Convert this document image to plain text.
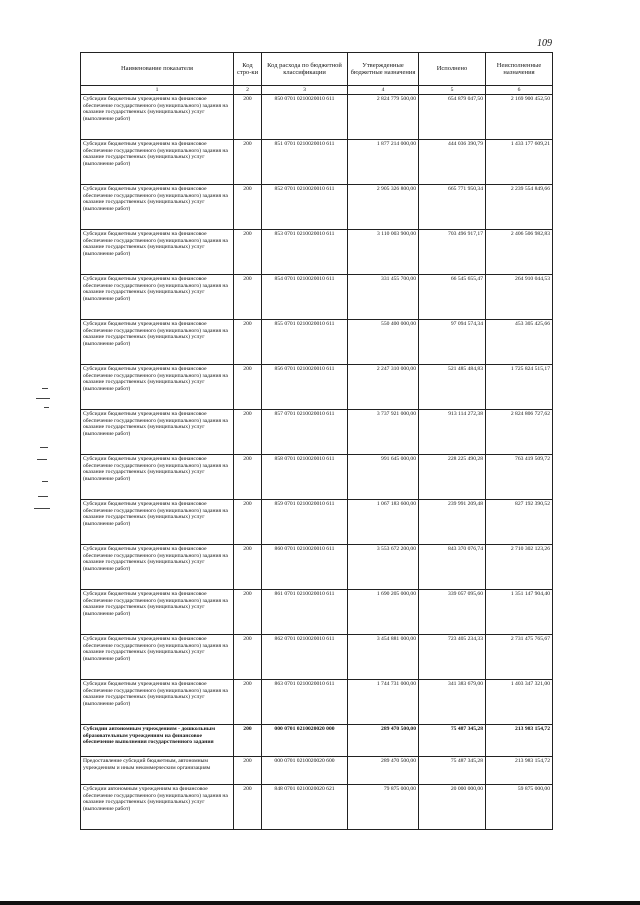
109
Наименование показателя	Код стро-ки	Код расхода по бюджетной классификации	Утвержденные бюджетные назначения	Исполнено	Неисполненные назначения
1	2	3	4	5	6
Субсидии бюджетным учреждениям на финансовое обеспечение государственного (муниципального) задания на оказание государственных (муниципальных) услуг (выполнение работ)	200	850 0701 0210020010 611	2 824 779 500,00	654 879 047,50	2 169 900 452,50
Субсидии бюджетным учреждениям на финансовое обеспечение государственного (муниципального) задания на оказание государственных (муниципальных) услуг (выполнение работ)	200	851 0701 0210020010 611	1 877 214 000,00	444 036 390,79	1 433 177 609,21
Субсидии бюджетным учреждениям на финансовое обеспечение государственного (муниципального) задания на оказание государственных (муниципальных) услуг (выполнение работ)	200	852 0701 0210020010 611	2 905 326 800,00	665 771 950,34	2 239 554 849,66
Субсидии бюджетным учреждениям на финансовое обеспечение государственного (муниципального) задания на оказание государственных (муниципальных) услуг (выполнение работ)	200	853 0701 0210020010 611	3 110 003 900,00	703 496 917,17	2 406 506 982,83
Субсидии бюджетным учреждениям на финансовое обеспечение государственного (муниципального) задания на оказание государственных (муниципальных) услуг (выполнение работ)	200	854 0701 0210020010 611	331 455 700,00	66 545 655,47	264 910 044,53
Субсидии бюджетным учреждениям на финансовое обеспечение государственного (муниципального) задания на оказание государственных (муниципальных) услуг (выполнение работ)	200	855 0701 0210020010 611	550 400 000,00	97 094 574,34	453 305 425,66
Субсидии бюджетным учреждениям на финансовое обеспечение государственного (муниципального) задания на оказание государственных (муниципальных) услуг (выполнение работ)	200	856 0701 0210020010 611	2 247 310 000,00	521 485 484,83	1 725 824 515,17
Субсидии бюджетным учреждениям на финансовое обеспечение государственного (муниципального) задания на оказание государственных (муниципальных) услуг (выполнение работ)	200	857 0701 0210020010 611	3 737 921 000,00	913 114 272,38	2 824 806 727,62
Субсидии бюджетным учреждениям на финансовое обеспечение государственного (муниципального) задания на оказание государственных (муниципальных) услуг (выполнение работ)	200	858 0701 0210020010 611	991 645 000,00	228 225 490,28	763 419 509,72
Субсидии бюджетным учреждениям на финансовое обеспечение государственного (муниципального) задания на оказание государственных (муниципальных) услуг (выполнение работ)	200	859 0701 0210020010 611	1 067 183 600,00	239 991 209,48	827 192 390,52
Субсидии бюджетным учреждениям на финансовое обеспечение государственного (муниципального) задания на оказание государственных (муниципальных) услуг (выполнение работ)	200	860 0701 0210020010 611	3 553 672 200,00	843 370 076,74	2 710 302 123,26
Субсидии бюджетным учреждениям на финансовое обеспечение государственного (муниципального) задания на оказание государственных (муниципальных) услуг (выполнение работ)	200	861 0701 0210020010 611	1 690 205 000,00	339 057 095,60	1 351 147 904,40
Субсидии бюджетным учреждениям на финансовое обеспечение государственного (муниципального) задания на оказание государственных (муниципальных) услуг (выполнение работ)	200	862 0701 0210020010 611	3 454 881 000,00	723 405 234,33	2 731 475 765,67
Субсидии бюджетным учреждениям на финансовое обеспечение государственного (муниципального) задания на оказание государственных (муниципальных) услуг (выполнение работ)	200	863 0701 0210020010 611	1 744 731 000,00	341 383 679,00	1 403 347 321,00
Субсидии автономным учреждениям - дошкольным образовательным учреждениям на финансовое обеспечение выполнения государственного задания	200	000 0701 0210020020 000	289 470 500,00	75 487 345,28	213 983 154,72
Предоставление субсидий бюджетным, автономным учреждениям и иным некоммерческим организациям	200	000 0701 0210020020 600	289 470 500,00	75 487 345,28	213 983 154,72
Субсидии автономным учреждениям на финансовое обеспечение государственного (муниципального) задания на оказание государственных (муниципальных) услуг (выполнение работ)	200	848 0701 0210020020 621	79 875 000,00	20 000 000,00	59 875 000,00
